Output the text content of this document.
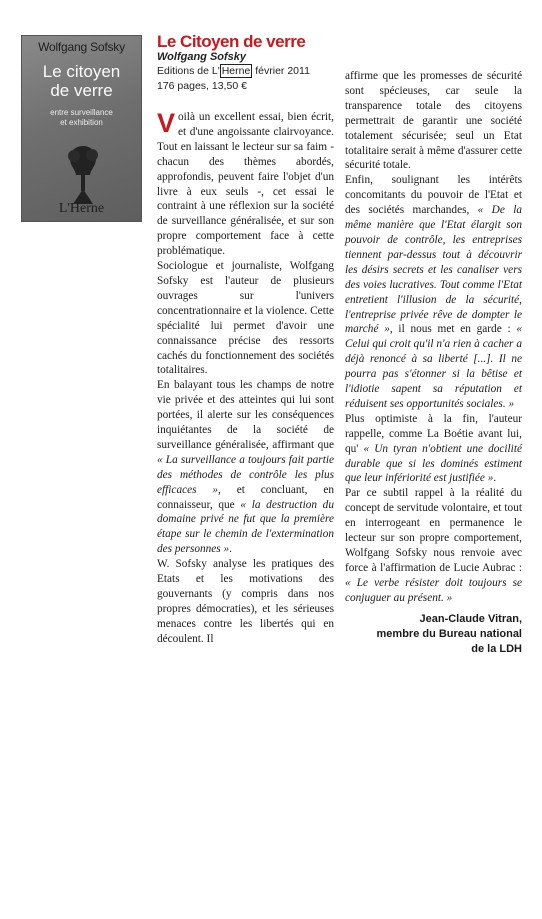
Wolfgang Sofsky
Le citoyen
de verre
entre surveillance
et exhibition
L'Herne
Le Citoyen de verre
Wolfgang Sofsky
Editions de L' Herne février 2011
176 pages, 13,50 €

Voilà un excellent essai, bien écrit, et d'une angoissante clairvoyance. Tout en laissant le lecteur sur sa faim - chacun des thèmes abordés, approfondis, peuvent faire l'objet d'un livre à eux seuls -, cet essai le contraint à une réflexion sur la société de surveillance généralisée, et sur son propre comportement face à cette problématique.

Sociologue et journaliste, Wolfgang Sofsky est l'auteur de plusieurs ouvrages sur l'univers concentrationnaire et la violence. Cette spécialité lui permet d'avoir une connaissance précise des ressorts cachés du fonctionnement des sociétés totalitaires.

En balayant tous les champs de notre vie privée et des atteintes qui lui sont portées, il alerte sur les conséquences inquiétantes de la société de surveillance généralisée, affirmant que « La surveillance a toujours fait partie des méthodes de contrôle les plus efficaces », et concluant, en connaisseur, que « la destruction du domaine privé ne fut que la première étape sur le chemin de l'extermination des personnes ».

W. Sofsky analyse les pratiques des Etats et les motivations des gouvernants (y compris dans nos propres démocraties), et les sérieuses menaces contre les libertés qui en découlent. Il

affirme que les promesses de sécurité sont spécieuses, car seule la transparence totale des citoyens permettrait de garantir une société totalement sécurisée; seul un Etat totalitaire serait à même d'assurer cette sécurité totale.

Enfin, soulignant les intérêts concomitants du pouvoir de l'Etat et des sociétés marchandes, « De la même manière que l'Etat élargit son pouvoir de contrôle, les entreprises tiennent par-dessus tout à découvrir les désirs secrets et les canaliser vers des voies lucratives. Tout comme l'Etat entretient l'illusion de la sécurité, l'entreprise privée rêve de dompter le marché », il nous met en garde : « Celui qui croit qu'il n'a rien à cacher a déjà renoncé à sa liberté [...]. Il ne pourra pas s'étonner si la bêtise et l'idiotie sapent sa réputation et réduisent ses opportunités sociales. »

Plus optimiste à la fin, l'auteur rappelle, comme La Boétie avant lui, qu' « Un tyran n'obtient une docilité durable que si les dominés estiment que leur infériorité est justifiée ».

Par ce subtil rappel à la réalité du concept de servitude volontaire, et tout en interrogeant en permanence le lecteur sur son propre comportement, Wolfgang Sofsky nous renvoie avec force à l'affirmation de Lucie Aubrac : « Le verbe résister doit toujours se conjuguer au présent. »

Jean-Claude Vitran,
membre du Bureau national
de la LDH
